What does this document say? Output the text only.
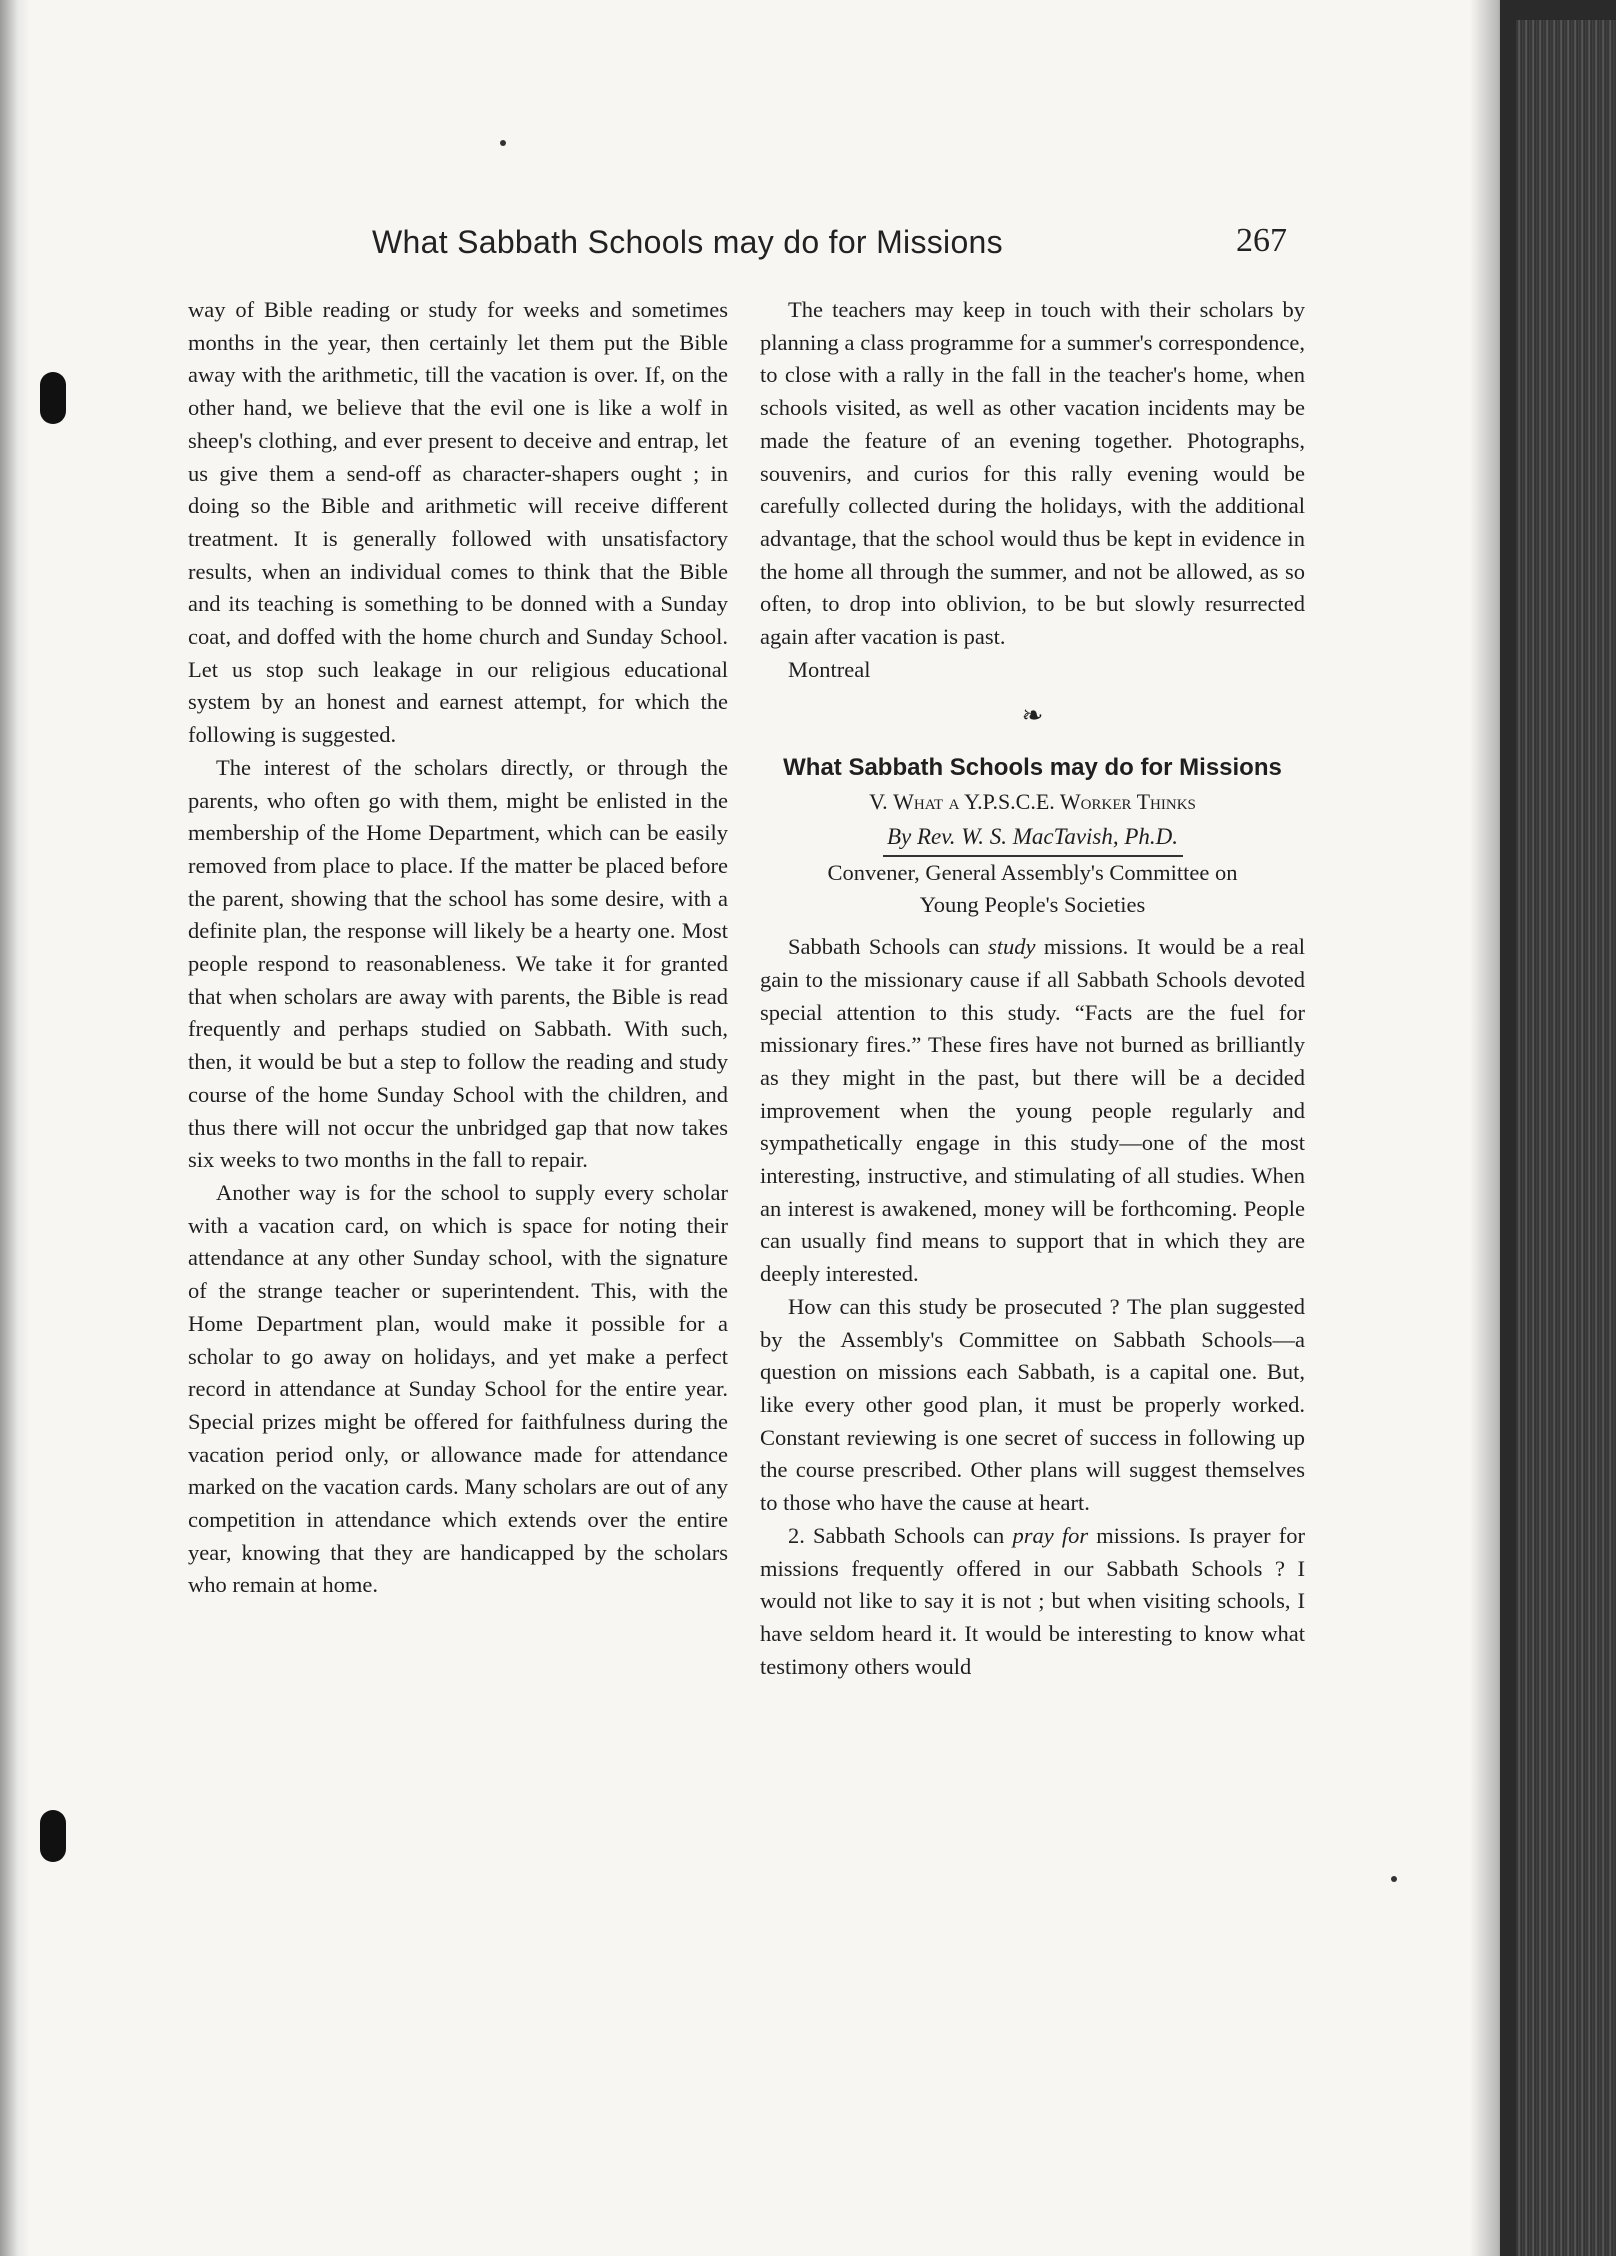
What Sabbath Schools may do for Missions	267

way of Bible reading or study for weeks and sometimes months in the year, then certainly let them put the Bible away with the arithmetic, till the vacation is over. If, on the other hand, we believe that the evil one is like a wolf in sheep's clothing, and ever present to deceive and entrap, let us give them a send-off as character-shapers ought ; in doing so the Bible and arithmetic will receive different treatment. It is generally followed with unsatisfactory results, when an individual comes to think that the Bible and its teaching is something to be donned with a Sunday coat, and doffed with the home church and Sunday School. Let us stop such leakage in our religious educational system by an honest and earnest attempt, for which the following is suggested.

The interest of the scholars directly, or through the parents, who often go with them, might be enlisted in the membership of the Home Department, which can be easily removed from place to place. If the matter be placed before the parent, showing that the school has some desire, with a definite plan, the response will likely be a hearty one. Most people respond to reasonableness. We take it for granted that when scholars are away with parents, the Bible is read frequently and perhaps studied on Sabbath. With such, then, it would be but a step to follow the reading and study course of the home Sunday School with the children, and thus there will not occur the unbridged gap that now takes six weeks to two months in the fall to repair.

Another way is for the school to supply every scholar with a vacation card, on which is space for noting their attendance at any other Sunday school, with the signature of the strange teacher or superintendent. This, with the Home Department plan, would make it possible for a scholar to go away on holidays, and yet make a perfect record in attendance at Sunday School for the entire year. Special prizes might be offered for faithfulness during the vacation period only, or allowance made for attendance marked on the vacation cards. Many scholars are out of any competition in attendance which extends over the entire year, knowing that they are handicapped by the scholars who remain at home.

The teachers may keep in touch with their scholars by planning a class programme for a summer's correspondence, to close with a rally in the fall in the teacher's home, when schools visited, as well as other vacation incidents may be made the feature of an evening together. Photographs, souvenirs, and curios for this rally evening would be carefully collected during the holidays, with the additional advantage, that the school would thus be kept in evidence in the home all through the summer, and not be allowed, as so often, to drop into oblivion, to be but slowly resurrected again after vacation is past.

Montreal
❧
What Sabbath Schools may do for Missions
V. What a Y.P.S.C.E. Worker Thinks
By Rev. W. S. MacTavish, Ph.D.
Convener, General Assembly's Committee on
Young People's Societies

Sabbath Schools can study missions. It would be a real gain to the missionary cause if all Sabbath Schools devoted special attention to this study. “Facts are the fuel for missionary fires.” These fires have not burned as brilliantly as they might in the past, but there will be a decided improvement when the young people regularly and sympathetically engage in this study—one of the most interesting, instructive, and stimulating of all studies. When an interest is awakened, money will be forthcoming. People can usually find means to support that in which they are deeply interested.

How can this study be prosecuted ? The plan suggested by the Assembly's Committee on Sabbath Schools—a question on missions each Sabbath, is a capital one. But, like every other good plan, it must be properly worked. Constant reviewing is one secret of success in following up the course prescribed. Other plans will suggest themselves to those who have the cause at heart.

2. Sabbath Schools can pray for missions. Is prayer for missions frequently offered in our Sabbath Schools ? I would not like to say it is not ; but when visiting schools, I have seldom heard it. It would be interesting to know what testimony others would
